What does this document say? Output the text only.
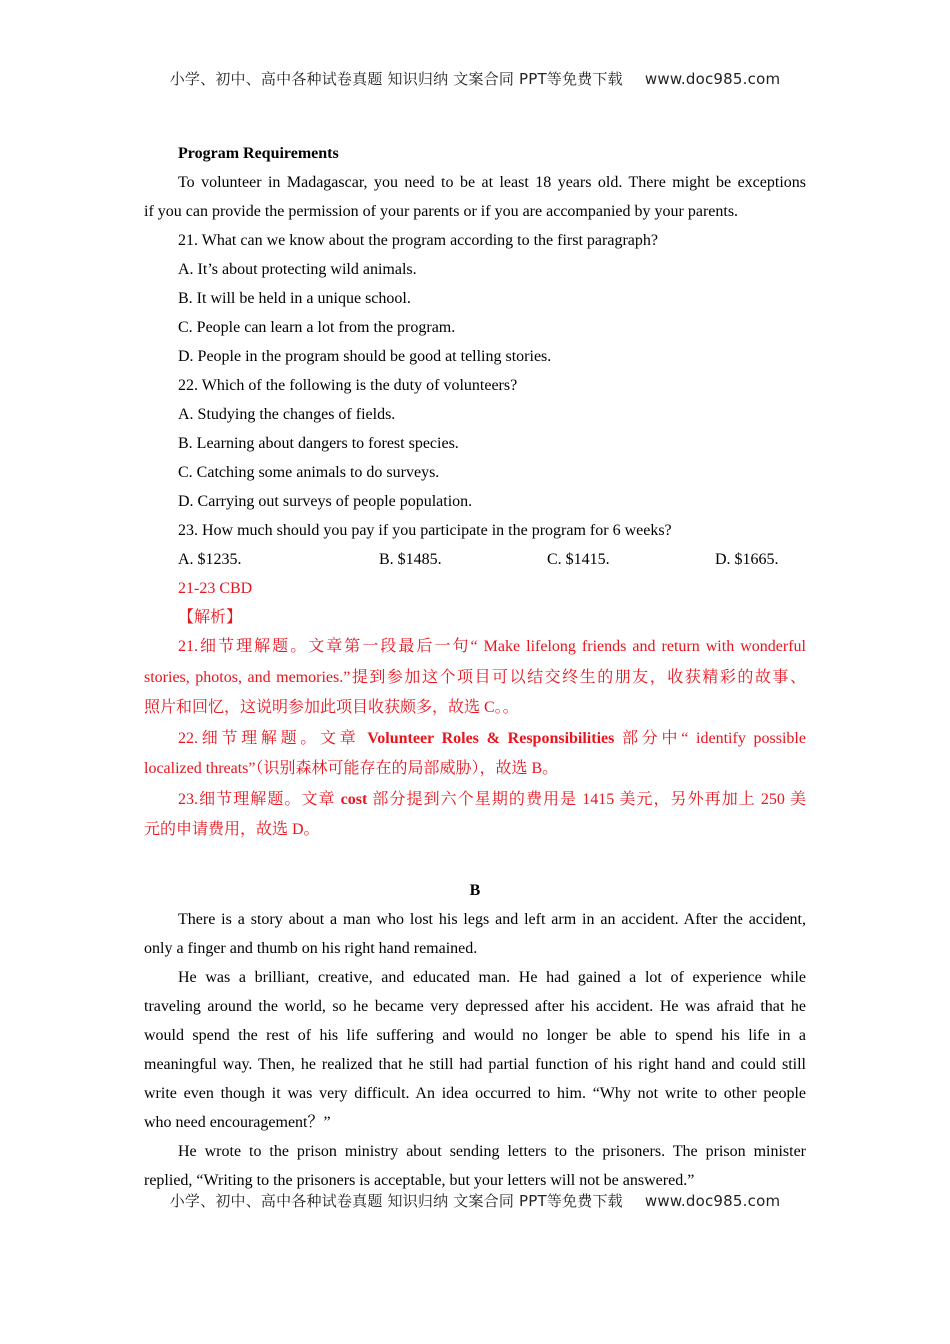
小学、初中、高中各种试卷真题 知识归纳 文案合同 PPT等免费下载 www.doc985.com
Program Requirements
To volunteer in Madagascar, you need to be at least 18 years old. There might be exceptions
if you can provide the permission of your parents or if you are accompanied by your parents.
21. What can we know about the program according to the first paragraph?
A. It’s about protecting wild animals.
B. It will be held in a unique school.
C. People can learn a lot from the program.
D. People in the program should be good at telling stories.
22. Which of the following is the duty of volunteers?
A. Studying the changes of fields.
B. Learning about dangers to forest species.
C. Catching some animals to do surveys.
D. Carrying out surveys of people population.
23. How much should you pay if you participate in the program for 6 weeks?
A. $1235.	B. $1485.	C. $1415.	D. $1665.
21-23 CBD
【解析】
21.细节理解题。文章第一段最后一句“ Make lifelong friends and return with wonderful
stories, photos, and memories.”提到参加这个项目可以结交终生的朋友，收获精彩的故事、
照片和回忆，这说明参加此项目收获颇多，故选 C。。
22.细节理解题。文章 Volunteer Roles & Responsibilities 部分中“ identify possible
localized threats”（识别森林可能存在的局部威胁），故选 B。
23.细节理解题。文章 cost 部分提到六个星期的费用是 1415 美元，另外再加上 250 美
元的申请费用，故选 D。
B
There is a story about a man who lost his legs and left arm in an accident. After the accident,
only a finger and thumb on his right hand remained.
He was a brilliant, creative, and educated man. He had gained a lot of experience while
traveling around the world, so he became very depressed after his accident. He was afraid that he
would spend the rest of his life suffering and would no longer be able to spend his life in a
meaningful way. Then, he realized that he still had partial function of his right hand and could still
write even though it was very difficult. An idea occurred to him. “Why not write to other people
who need encouragement？”
He wrote to the prison ministry about sending letters to the prisoners. The prison minister
replied, “Writing to the prisoners is acceptable, but your letters will not be answered.”
小学、初中、高中各种试卷真题 知识归纳 文案合同 PPT等免费下载 www.doc985.com
